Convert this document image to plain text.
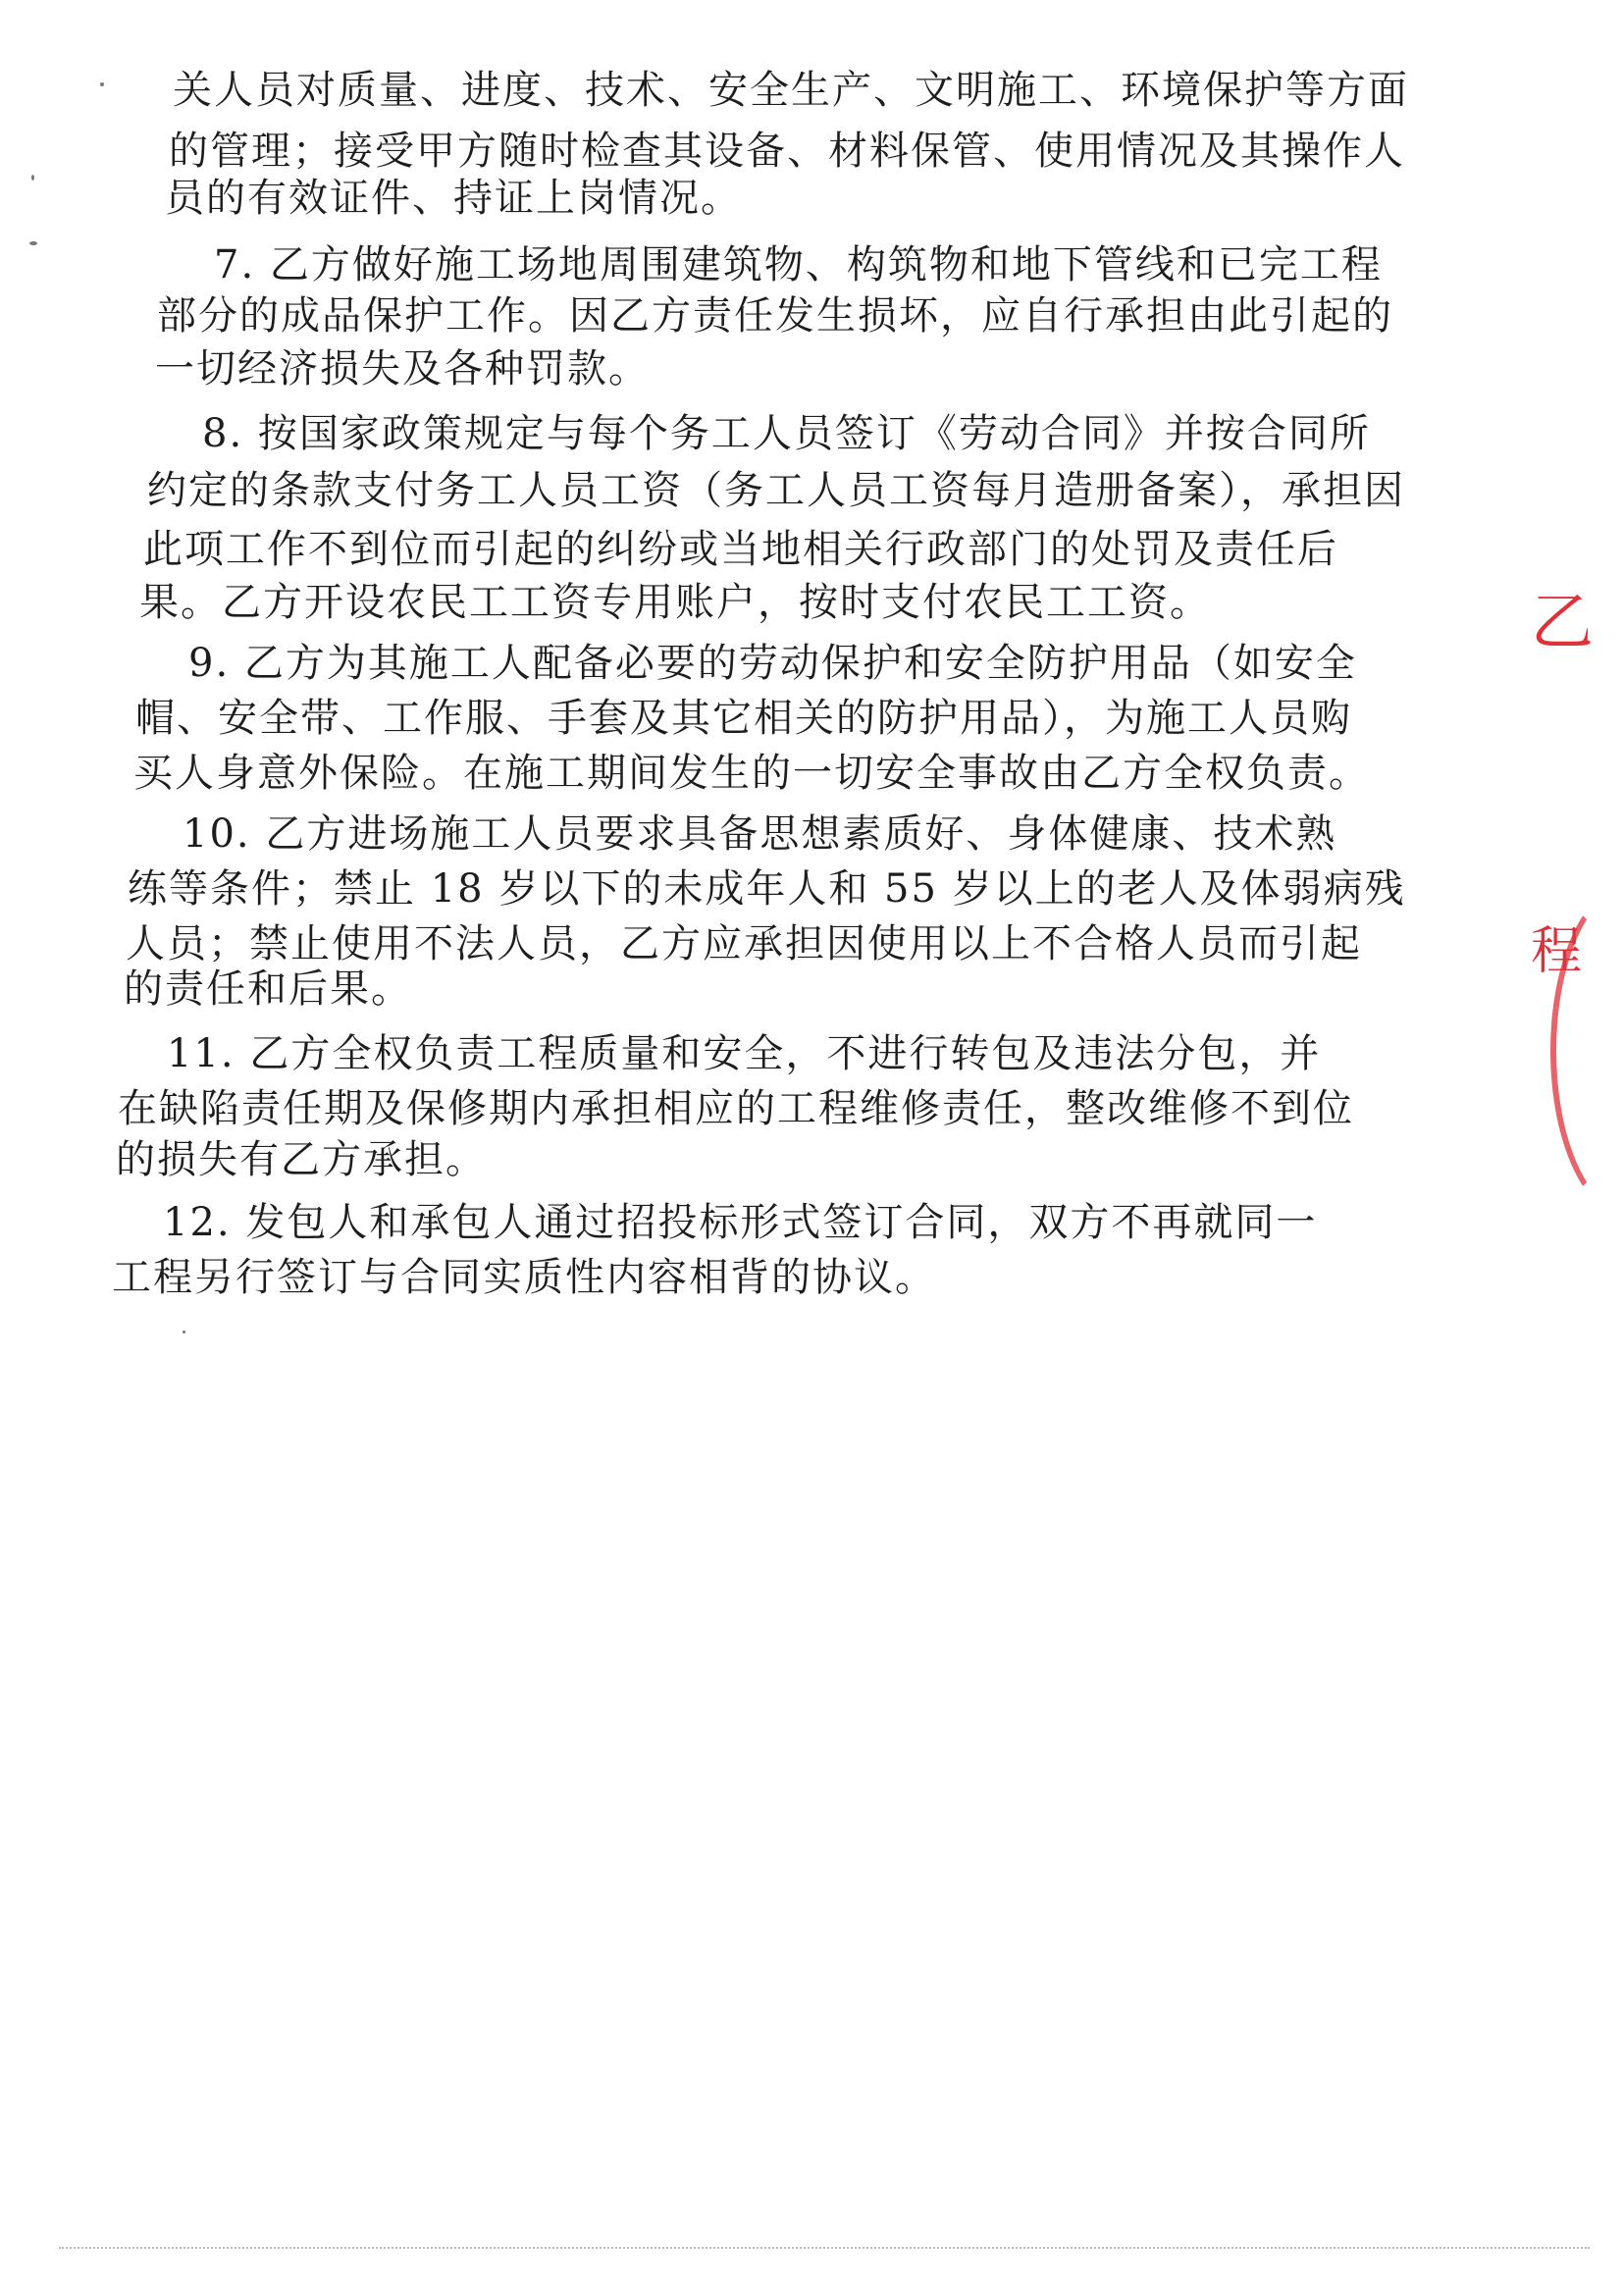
关人员对质量、进度、技术、安全生产、文明施工、环境保护等方面
的管理；接受甲方随时检查其设备、材料保管、使用情况及其操作人
员的有效证件、持证上岗情况。
7. 乙方做好施工场地周围建筑物、构筑物和地下管线和已完工程
部分的成品保护工作。因乙方责任发生损坏，应自行承担由此引起的
一切经济损失及各种罚款。
8. 按国家政策规定与每个务工人员签订《劳动合同》并按合同所
约定的条款支付务工人员工资（务工人员工资每月造册备案），承担因
此项工作不到位而引起的纠纷或当地相关行政部门的处罚及责任后
果。乙方开设农民工工资专用账户，按时支付农民工工资。
9. 乙方为其施工人配备必要的劳动保护和安全防护用品（如安全
帽、安全带、工作服、手套及其它相关的防护用品），为施工人员购
买人身意外保险。在施工期间发生的一切安全事故由乙方全权负责。
10. 乙方进场施工人员要求具备思想素质好、身体健康、技术熟
练等条件；禁止 18 岁以下的未成年人和 55 岁以上的老人及体弱病残
人员；禁止使用不法人员，乙方应承担因使用以上不合格人员而引起
的责任和后果。
11. 乙方全权负责工程质量和安全，不进行转包及违法分包，并
在缺陷责任期及保修期内承担相应的工程维修责任，整改维修不到位
的损失有乙方承担。
12. 发包人和承包人通过招投标形式签订合同，双方不再就同一
工程另行签订与合同实质性内容相背的协议。
乙
程
